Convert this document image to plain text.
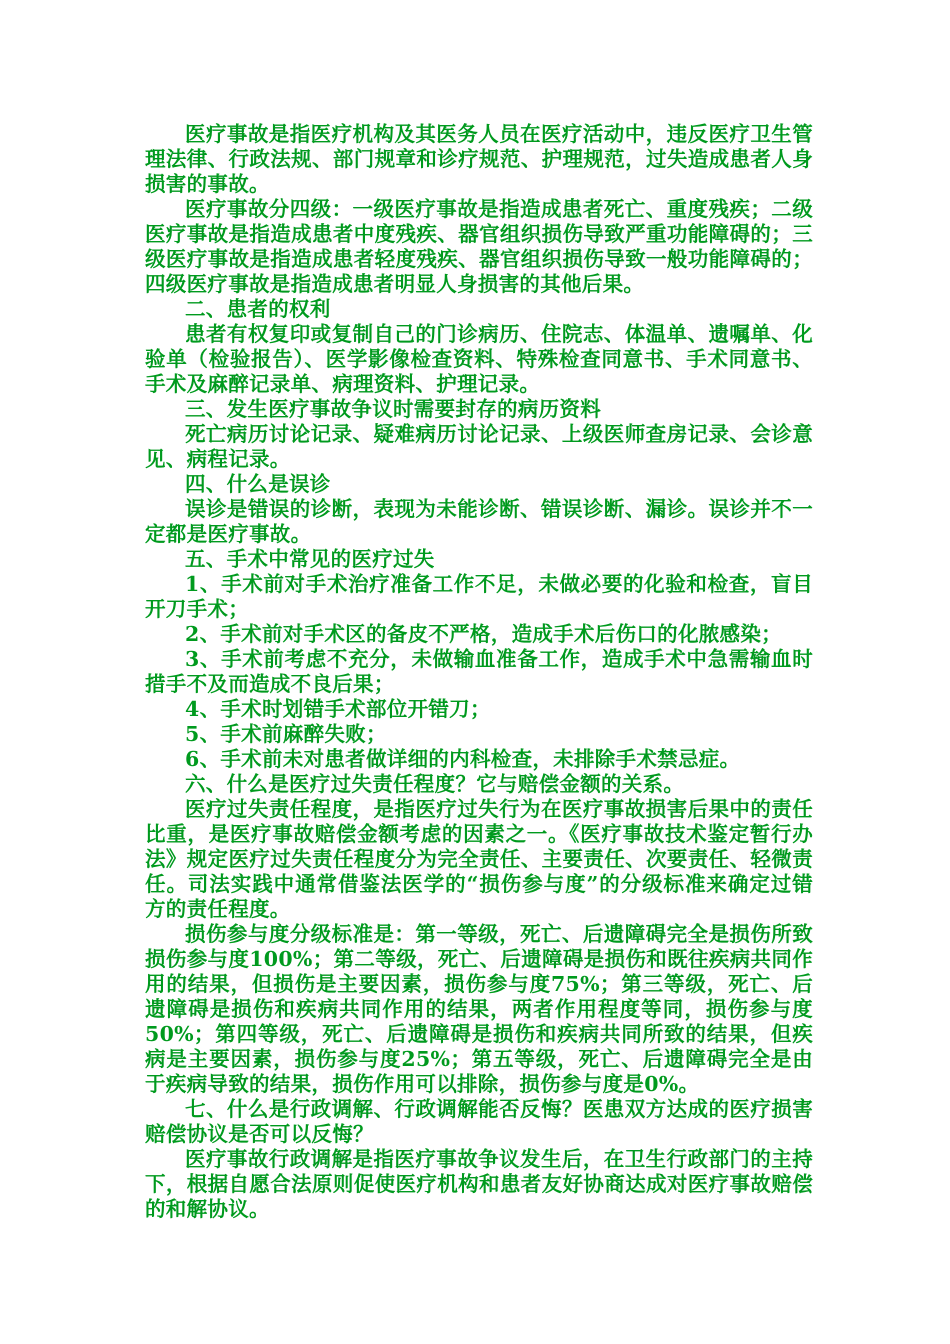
医疗事故是指医疗机构及其医务人员在医疗活动中，违反医疗卫生管理法律、行政法规、部门规章和诊疗规范、护理规范，过失造成患者人身损害的事故。

医疗事故分四级：一级医疗事故是指造成患者死亡、重度残疾；二级医疗事故是指造成患者中度残疾、器官组织损伤导致严重功能障碍的；三级医疗事故是指造成患者轻度残疾、器官组织损伤导致一般功能障碍的；四级医疗事故是指造成患者明显人身损害的其他后果。

二、患者的权利

患者有权复印或复制自己的门诊病历、住院志、体温单、遗嘱单、化验单（检验报告）、医学影像检查资料、特殊检查同意书、手术同意书、手术及麻醉记录单、病理资料、护理记录。

三、发生医疗事故争议时需要封存的病历资料

死亡病历讨论记录、疑难病历讨论记录、上级医师查房记录、会诊意见、病程记录。

四、什么是误诊

误诊是错误的诊断，表现为未能诊断、错误诊断、漏诊。误诊并不一定都是医疗事故。

五、手术中常见的医疗过失

1、手术前对手术治疗准备工作不足，未做必要的化验和检查，盲目开刀手术；

2、手术前对手术区的备皮不严格，造成手术后伤口的化脓感染；

3、手术前考虑不充分，未做输血准备工作，造成手术中急需输血时措手不及而造成不良后果；

4、手术时划错手术部位开错刀；

5、手术前麻醉失败；

6、手术前未对患者做详细的内科检查，未排除手术禁忌症。

六、什么是医疗过失责任程度？它与赔偿金额的关系。

医疗过失责任程度，是指医疗过失行为在医疗事故损害后果中的责任比重，是医疗事故赔偿金额考虑的因素之一。《医疗事故技术鉴定暂行办法》规定医疗过失责任程度分为完全责任、主要责任、次要责任、轻微责任。司法实践中通常借鉴法医学的“损伤参与度”的分级标准来确定过错方的责任程度。

损伤参与度分级标准是：第一等级，死亡、后遗障碍完全是损伤所致损伤参与度100%；第二等级，死亡、后遗障碍是损伤和既往疾病共同作用的结果，但损伤是主要因素，损伤参与度75%；第三等级，死亡、后遗障碍是损伤和疾病共同作用的结果，两者作用程度等同，损伤参与度50%；第四等级，死亡、后遗障碍是损伤和疾病共同所致的结果，但疾病是主要因素，损伤参与度25%；第五等级，死亡、后遗障碍完全是由于疾病导致的结果，损伤作用可以排除，损伤参与度是0%。

七、什么是行政调解、行政调解能否反悔？医患双方达成的医疗损害赔偿协议是否可以反悔？

医疗事故行政调解是指医疗事故争议发生后，在卫生行政部门的主持下，根据自愿合法原则促使医疗机构和患者友好协商达成对医疗事故赔偿的和解协议。
